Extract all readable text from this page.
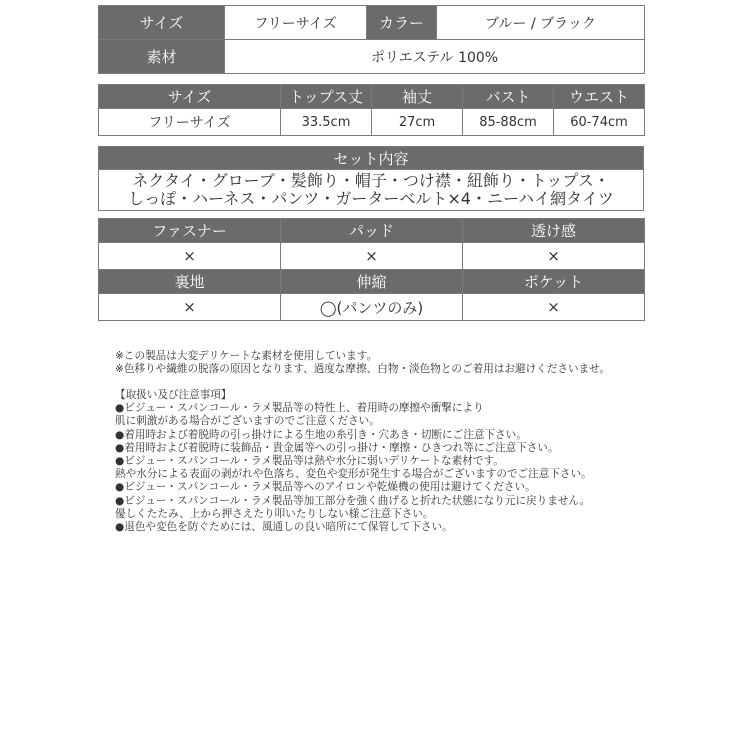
サイズ	フリーサイズ	カラー	ブルー / ブラック
素材	ポリエステル 100%		
サイズ	トップス丈	袖丈	バスト	ウエスト
フリーサイズ	33.5cm	27cm	85-88cm	60-74cm
セット内容

ネクタイ・グローブ・髪飾り・帽子・つけ襟・紐飾り・トップス・
しっぽ・ハーネス・パンツ・ガーターベルト×4・ニーハイ網タイツ
ファスナー	パッド	透け感
×	×	×
裏地	伸縮	ポケット
×	◯(パンツのみ)	×
※この製品は大変デリケートな素材を使用しています。
※色移りや繊維の脱落の原因となります、過度な摩擦、白物・淡色物とのご着用はお避けくださいませ。
【取扱い及び注意事項】
●ビジュー・スパンコール・ラメ製品等の特性上、着用時の摩擦や衝撃により
肌に刺激がある場合がございますのでご注意ください。
●着用時および着脱時の引っ掛けによる生地の糸引き・穴あき・切断にご注意下さい。
●着用時および着脱時に装飾品・貴金属等への引っ掛け・摩擦・ひきつれ等にご注意下さい。
●ビジュー・スパンコール・ラメ製品等は熱や水分に弱いデリケートな素材です。
熱や水分による表面の剥がれや色落ち、変色や変形が発生する場合がございますのでご注意下さい。
●ビジュー・スパンコール・ラメ製品等へのアイロンや乾燥機の使用は避けてください。
●ビジュー・スパンコール・ラメ製品等加工部分を強く曲げると折れた状態になり元に戻りません。
優しくたたみ、上から押さえたり叩いたりしない様ご注意下さい。
●退色や変色を防ぐためには、風通しの良い暗所にて保管して下さい。
